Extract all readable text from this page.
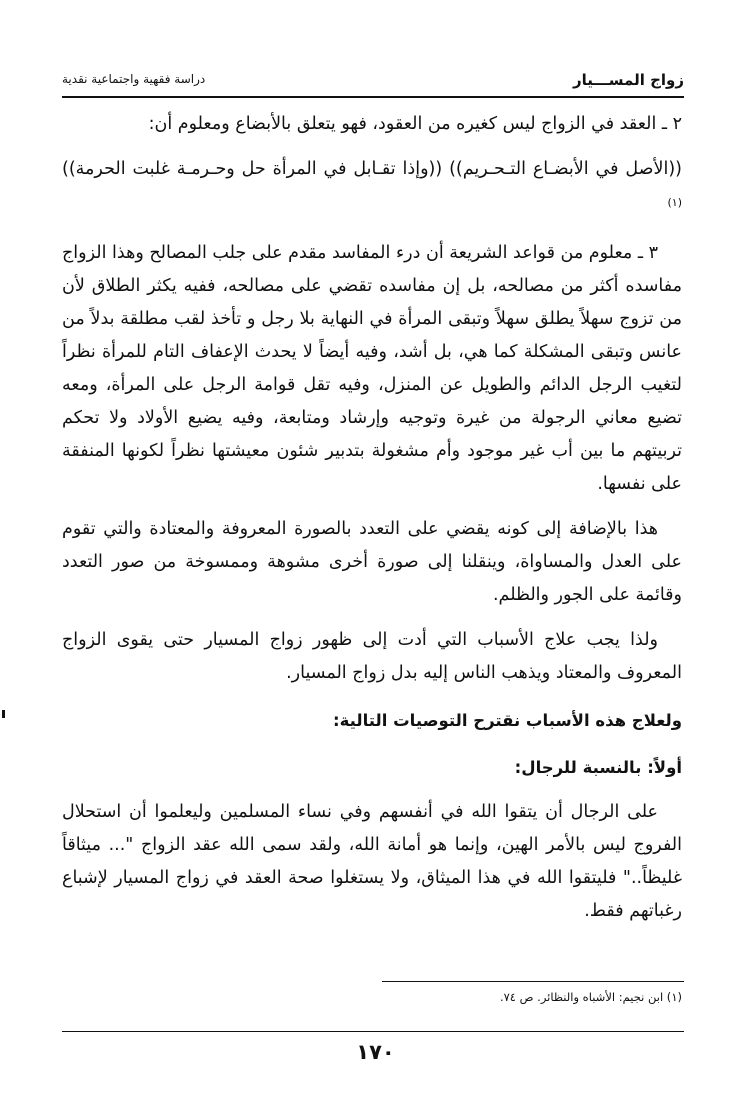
زواج المســـيار
دراسة فقهية واجتماعية نقدية

٢ ـ العقد في الزواج ليس كغيره من العقود، فهو يتعلق بالأبضاع ومعلوم أن:

((الأصل في الأبضـاع التـحـريم)) ((وإذا تقـابل في المرأة حل وحـرمـة غلبت الحرمة)) $^{(١)}$

٣ ـ معلوم من قواعد الشريعة أن درء المفاسد مقدم على جلب المصالح وهذا الزواج مفاسده أكثر من مصالحه، بل إن مفاسده تقضي على مصالحه، ففيه يكثر الطلاق لأن من تزوج سهلاً يطلق سهلاً وتبقى المرأة في النهاية بلا رجل و تأخذ لقب مطلقة بدلاً من عانس وتبقى المشكلة كما هي، بل أشد، وفيه أيضاً لا يحدث الإعفاف التام للمرأة نظراً لتغيب الرجل الدائم والطويل عن المنزل، وفيه تقل قوامة الرجل على المرأة، ومعه تضيع معاني الرجولة من غيرة وتوجيه وإرشاد ومتابعة، وفيه يضيع الأولاد ولا تحكم تربيتهم ما بين أب غير موجود وأم مشغولة بتدبير شئون معيشتها نظراً لكونها المنفقة على نفسها.

هذا بالإضافة إلى كونه يقضي على التعدد بالصورة المعروفة والمعتادة والتي تقوم على العدل والمساواة، وينقلنا إلى صورة أخرى مشوهة وممسوخة من صور التعدد وقائمة على الجور والظلم.

ولذا يجب علاج الأسباب التي أدت إلى ظهور زواج المسيار حتى يقوى الزواج المعروف والمعتاد ويذهب الناس إليه بدل زواج المسيار.

ولعلاج هذه الأسباب نقترح التوصيات التالية:

أولاً: بالنسبة للرجال:

على الرجال أن يتقوا الله في أنفسهم وفي نساء المسلمين وليعلموا أن استحلال الفروج ليس بالأمر الهين، وإنما هو أمانة الله، ولقد سمى الله عقد الزواج "... ميثاقاً غليظاً.." فليتقوا الله في هذا الميثاق، ولا يستغلوا صحة العقد في زواج المسيار لإشباع رغباتهم فقط.

(١) ابن نجيم: الأشباه والنظائر. ص ٧٤.
١٧٠
